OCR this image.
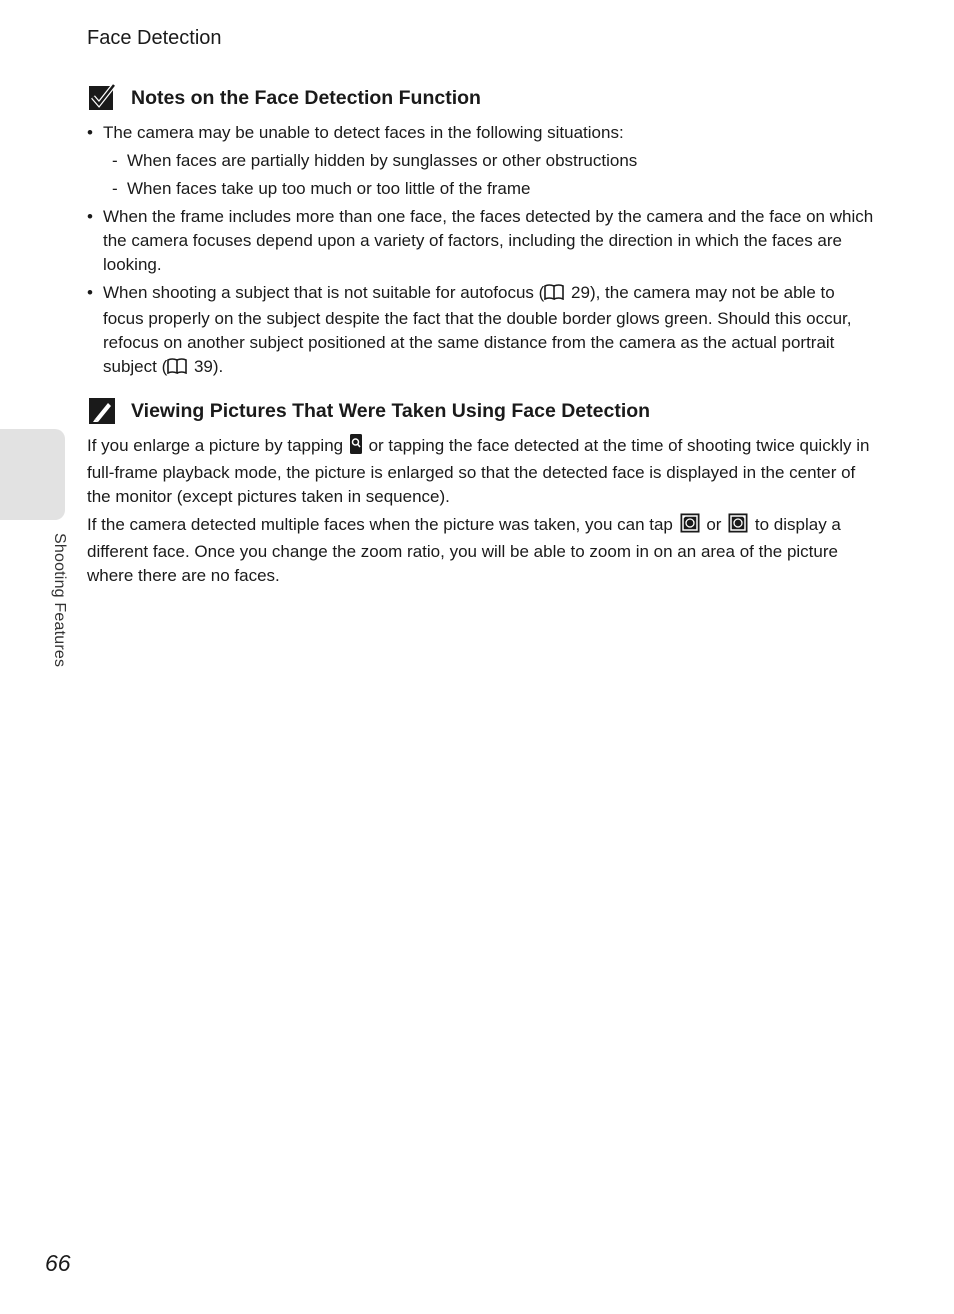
Face Detection
Shooting Features
Notes on the Face Detection Function
• The camera may be unable to detect faces in the following situations:
- When faces are partially hidden by sunglasses or other obstructions
- When faces take up too much or too little of the frame
• When the frame includes more than one face, the faces detected by the camera and the face on which the camera focuses depend upon a variety of factors, including the direction in which the faces are looking.
• When shooting a subject that is not suitable for autofocus ( 29), the camera may not be able to focus properly on the subject despite the fact that the double border glows green. Should this occur, refocus on another subject positioned at the same distance from the camera as the actual portrait subject ( 39).
Viewing Pictures That Were Taken Using Face Detection

If you enlarge a picture by tapping  or tapping the face detected at the time of shooting twice quickly in full-frame playback mode, the picture is enlarged so that the detected face is displayed in the center of the monitor (except pictures taken in sequence).

If the camera detected multiple faces when the picture was taken, you can tap  or  to display a different face. Once you change the zoom ratio, you will be able to zoom in on an area of the picture where there are no faces.

66
